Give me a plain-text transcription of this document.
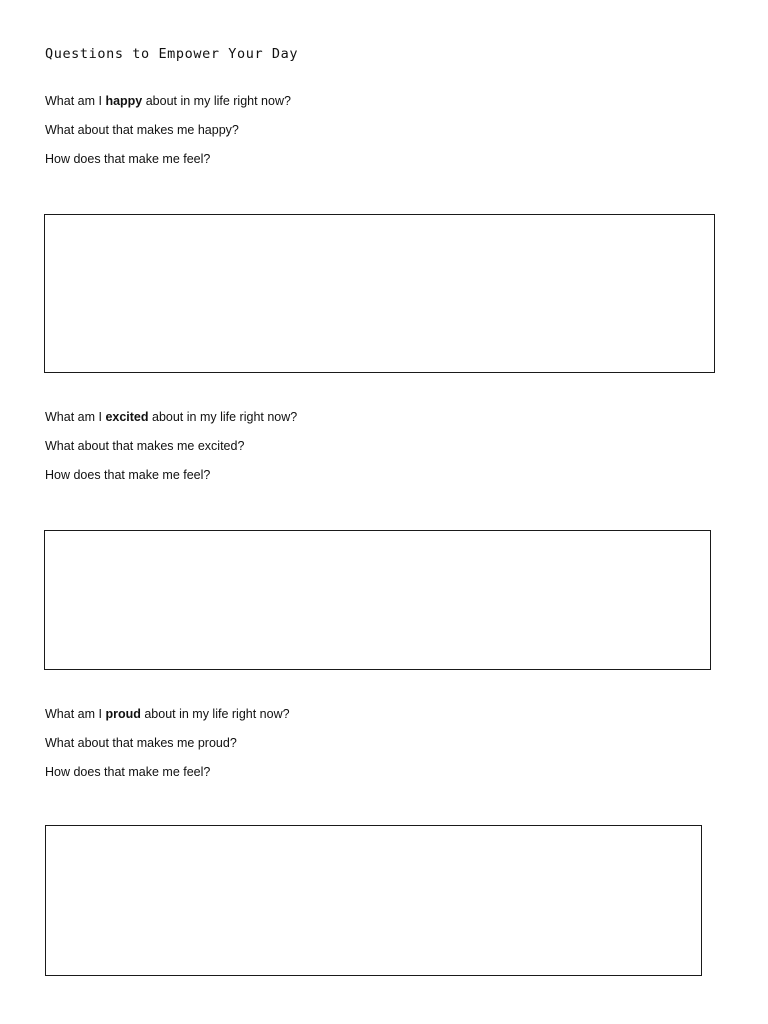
Questions to Empower Your Day

What am I happy about in my life right now?

What about that makes me happy?

How does that make me feel?

What am I excited about in my life right now?

What about that makes me excited?

How does that make me feel?

What am I proud about in my life right now?

What about that makes me proud?

How does that make me feel?
